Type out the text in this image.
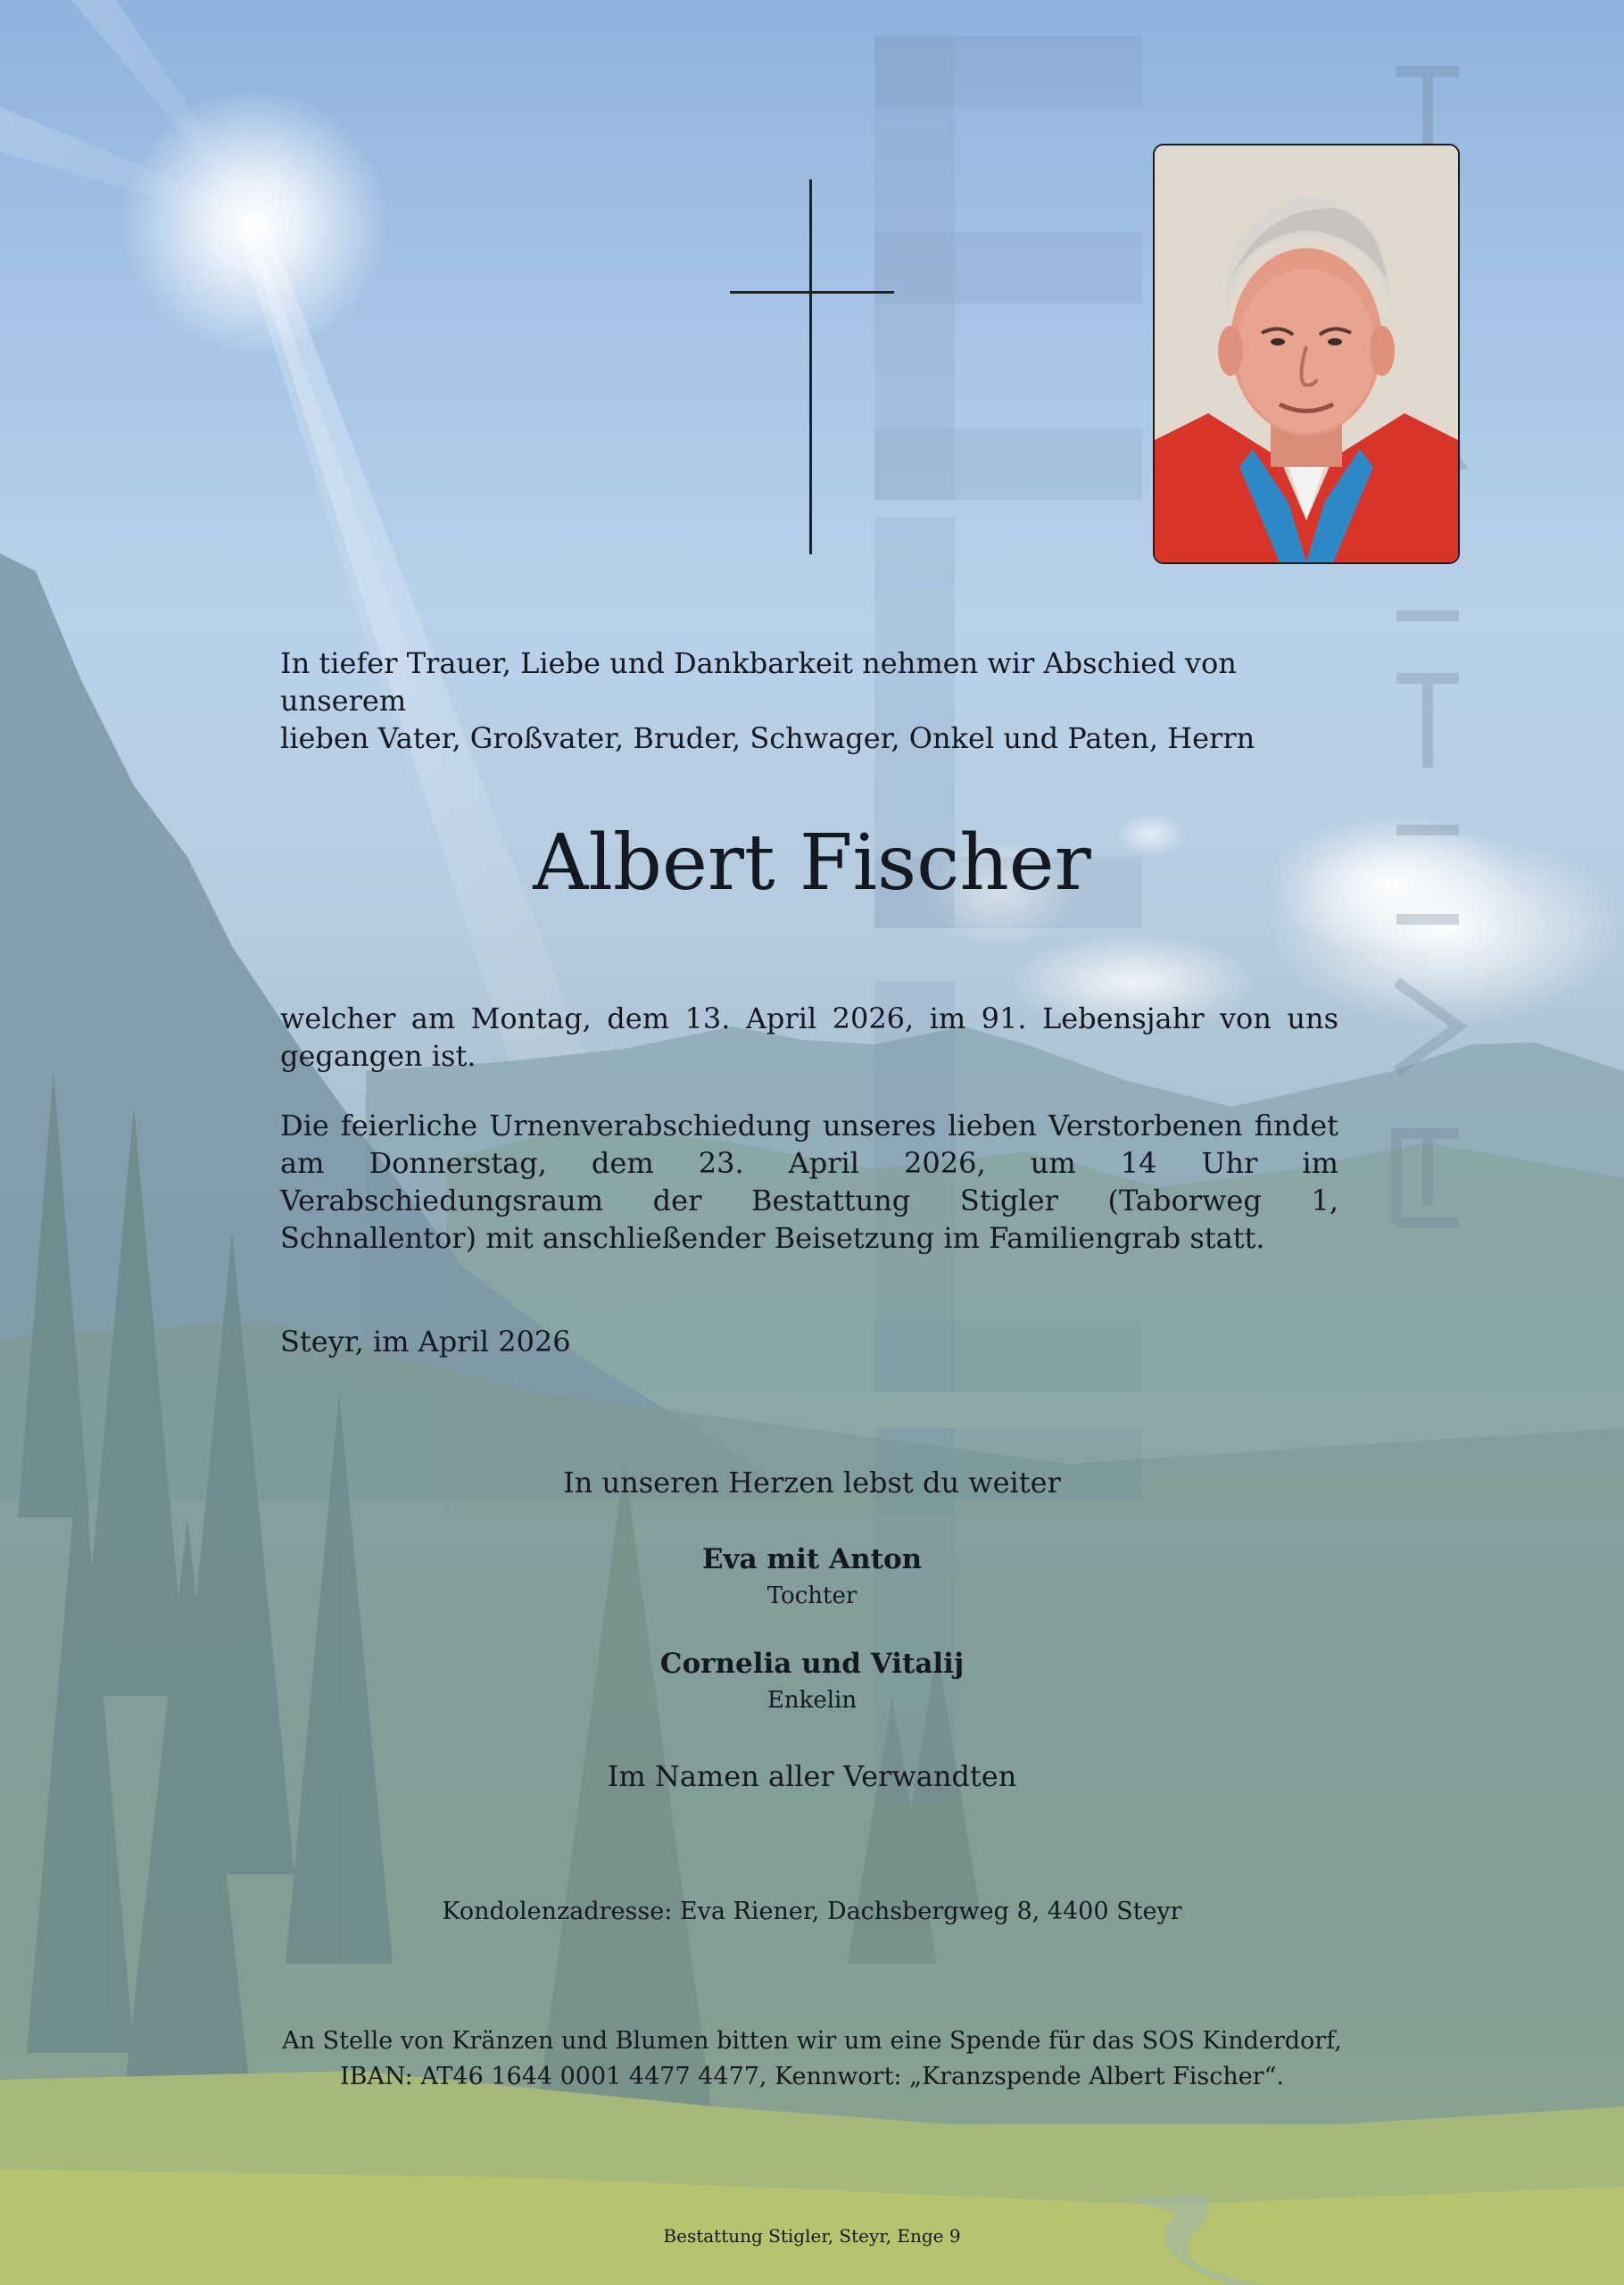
In tiefer Trauer, Liebe und Dankbarkeit nehmen wir Abschied von unserem

lieben Vater, Großvater, Bruder, Schwager, Onkel und Paten, Herrn

Albert Fischer
welcher am Montag, dem 13. April 2026, im 91. Lebensjahr von uns gegangen ist.
Die feierliche Urnenverabschiedung unseres lieben Verstorbenen findet am Donnerstag, dem 23. April 2026, um 14 Uhr im Verabschiedungsraum der Bestattung Stigler (Taborweg 1, Schnallentor) mit anschließender Beisetzung im Familiengrab statt.
Steyr, im April 2026
In unseren Herzen lebst du weiter
Eva mit Anton
Tochter
Cornelia und Vitalij
Enkelin
Im Namen aller Verwandten
Kondolenzadresse: Eva Riener, Dachsbergweg 8, 4400 Steyr
An Stelle von Kränzen und Blumen bitten wir um eine Spende für das SOS Kinderdorf,
IBAN: AT46 1644 0001 4477 4477, Kennwort: „Kranzspende Albert Fischer“.
Bestattung Stigler, Steyr, Enge 9
